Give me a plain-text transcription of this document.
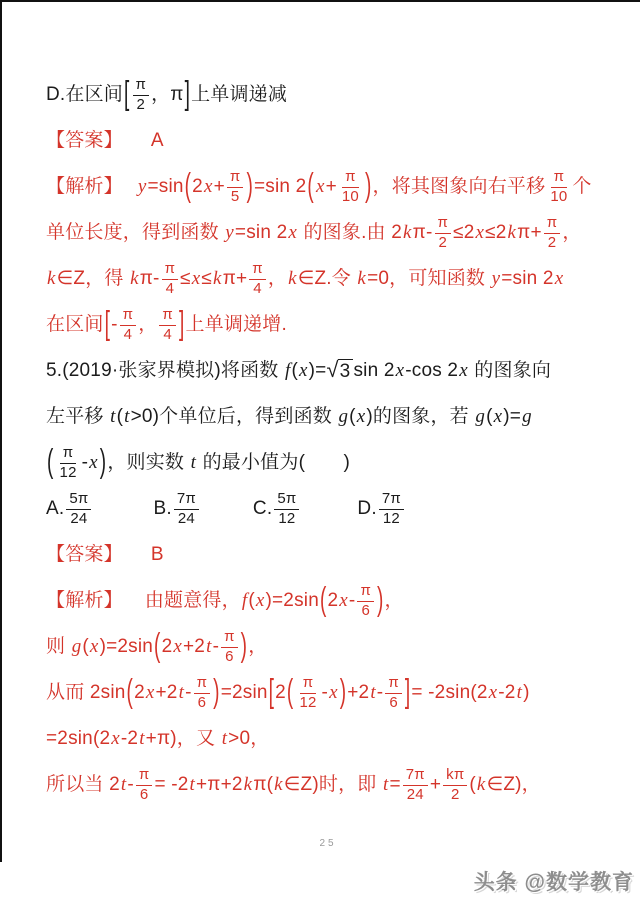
D.在区间 [ $\frac{\pi}{2}$ ，π ] 上单调递减
【答案】 A
【解析】 y =sin ( 2 $x + \frac{\pi}{5}$ ) =sin 2 ( $x + \frac{\pi}{10}$ ) ，将其图象向右平移 $\frac{\pi}{10}$ 个
单位长度，得到函数 y =sin 2 x 的图象.由 2 k $\pi- \frac{\pi}{2} \le 2$ x ≤2 k $\pi+ \frac{\pi}{2}$ ，
k ∈Z，得 k $\pi- \frac{\pi}{4} \le x \le k$ $\pi+ \frac{\pi}{4}$ ， k ∈Z.令 k =0，可知函数 y =sin 2 x
在区间 [ - $\frac{\pi}{4}$ ， $\frac{\pi}{4}$ ] 上单调递增.
5.(2019·张家界模拟)将函数 f ( x )= √ 3 sin 2 x -cos 2 x 的图象向
左平移 t ( t >0)个单位后，得到函数 g ( x )的图象，若 g ( x )= g
( $\frac{\pi}{12}$ - x ) ，则实数 t 的最小值为(　　)
A. $\frac{5\pi}{24}$	B. $\frac{7\pi}{24}$	C. $\frac{5\pi}{12}$	D. $\frac{7\pi}{12}$
【答案】 B
【解析】 由题意得， f ( x )=2sin ( 2 x - $\frac{\pi}{6}$ ) ，
则 g ( x )=2sin ( 2 x +2 t - $\frac{\pi}{6}$ ) ，
从而 2sin ( 2 x +2 t - $\frac{\pi}{6}$ ) =2sin [ 2 ( $\frac{\pi}{12}$ - x ) +2 t - $\frac{\pi}{6}$ ] = -2sin(2 x -2 t )
=2sin(2 x -2 t +π)，又 t >0，
所以当 2 $t - \frac{\pi}{6} = -2$ t +π+2 k π( k ∈Z)时，即 $t = \frac{7\pi}{24} + \frac{k\pi}{2}$ ( k ∈Z)，
25
头条 @数学教育
